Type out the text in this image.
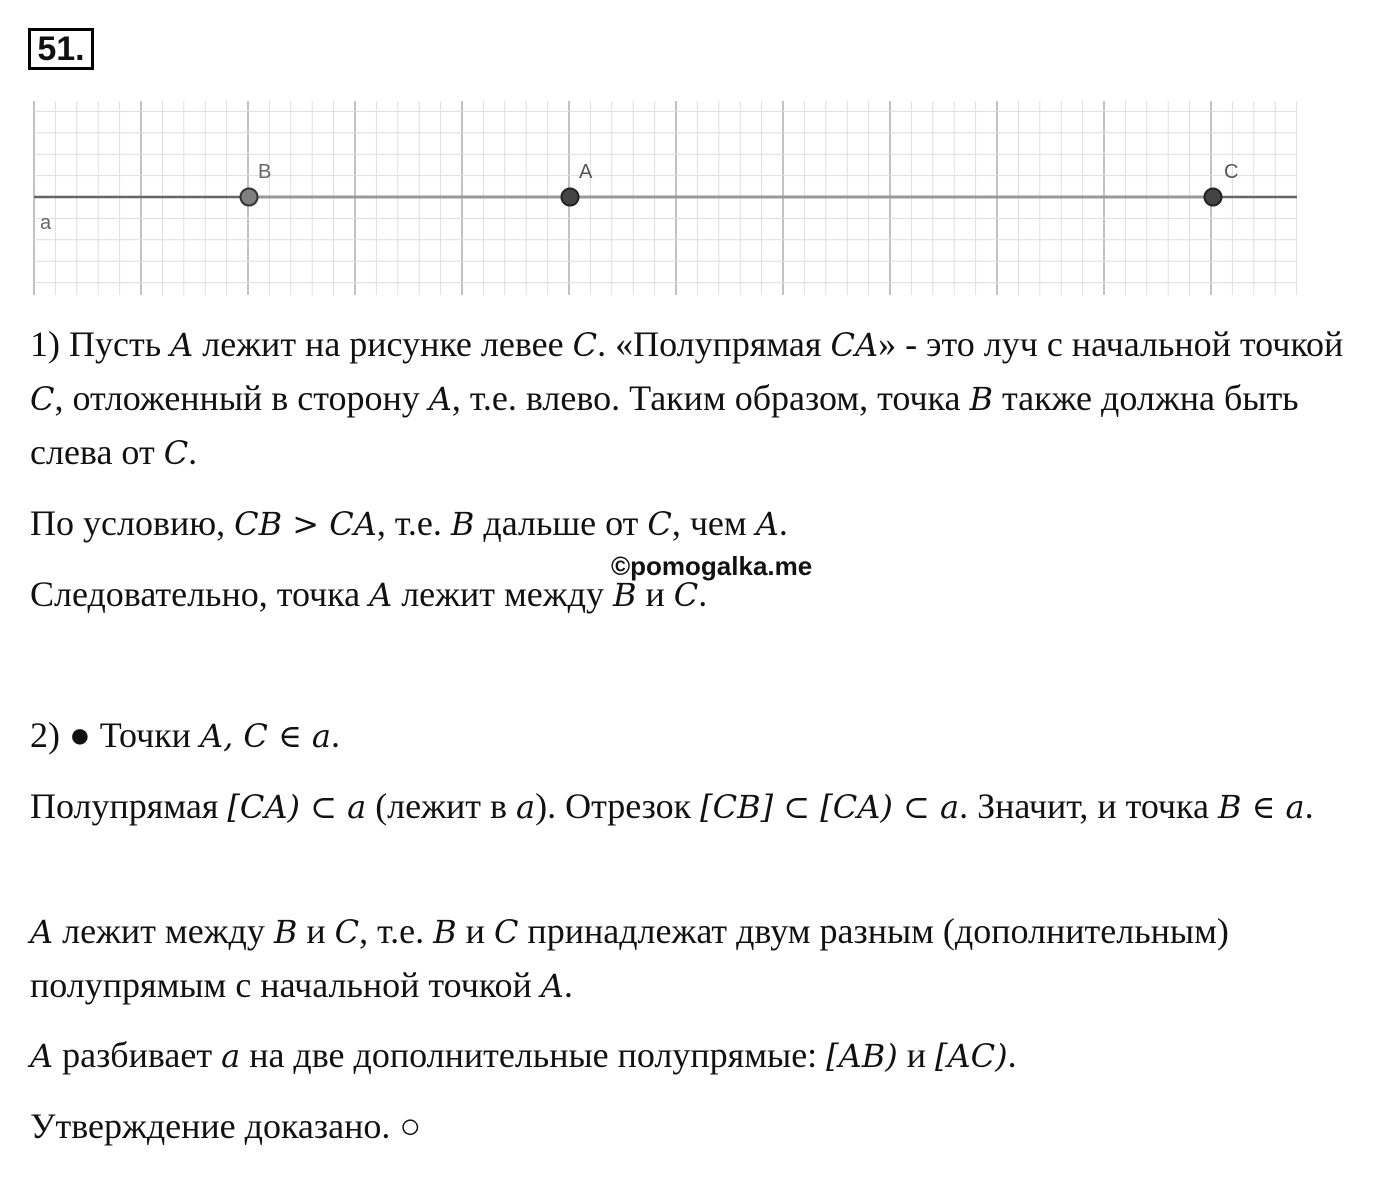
51.
a
B	A	C
1) Пусть A лежит на рисунке левее C. «Полупрямая CA» - это луч с начальной точкой C, отложенный в сторону A, т.е. влево. Таким образом, точка B также должна быть слева от C.
По условию, CB > CA, т.е. B дальше от C, чем A.
©pomogalka.me
Следовательно, точка A лежит между B и C.
2) ● Точки A, C ∈ a.
Полупрямая [CA) ⊂ a (лежит в a). Отрезок [CB] ⊂ [CA) ⊂ a. Значит, и точка B ∈ a.
A лежит между B и C, т.е. B и C принадлежат двум разным (дополнительным) полупрямым с начальной точкой A.
A разбивает a на две дополнительные полупрямые: [AB) и [AC).
Утверждение доказано. ○
